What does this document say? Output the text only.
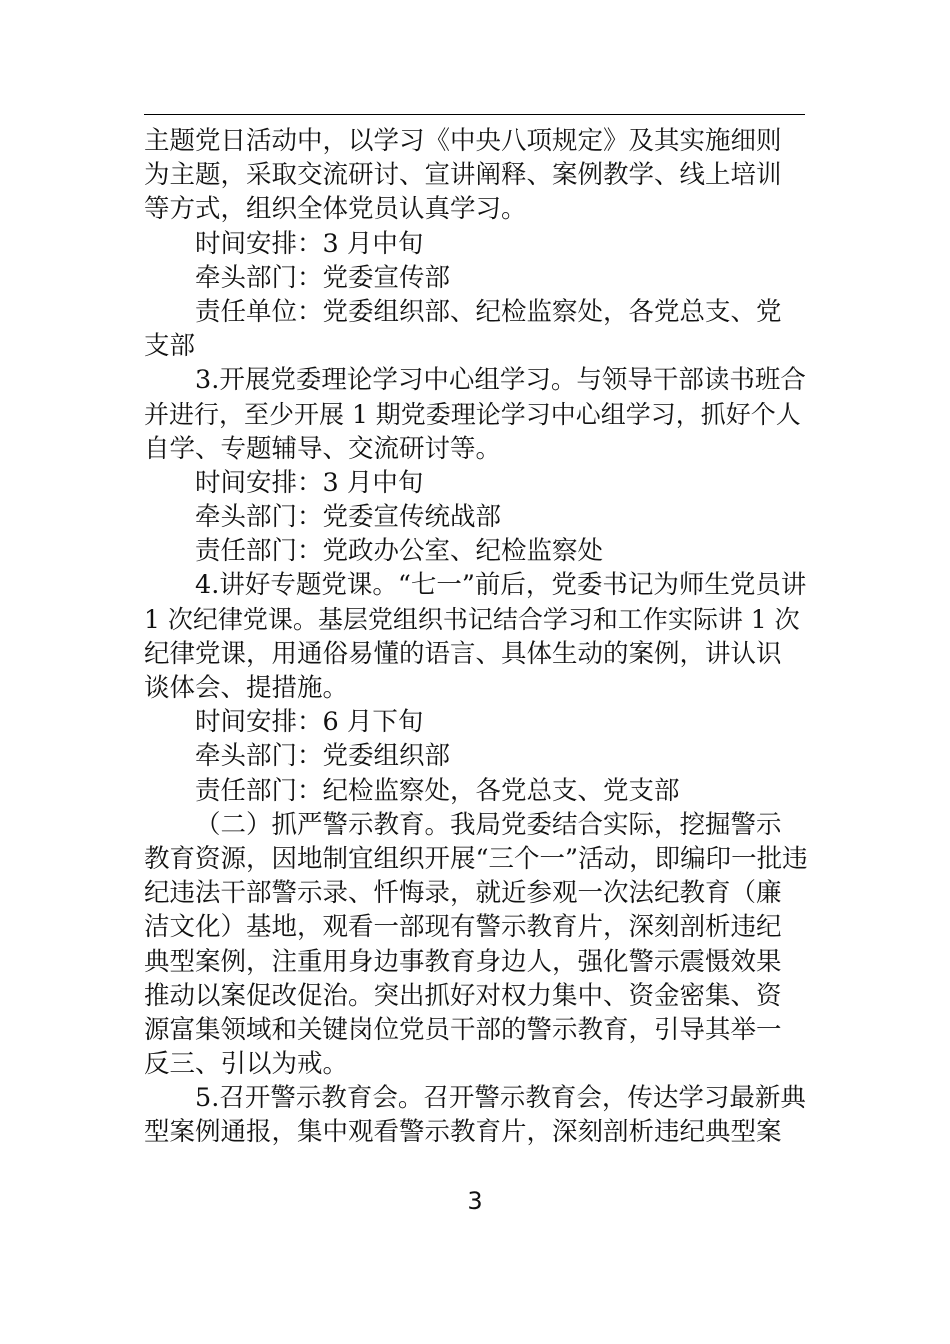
主题党日活动中，以学习《中央八项规定》及其实施细则
为主题，采取交流研讨、宣讲阐释、案例教学、线上培训
等方式，组织全体党员认真学习。
时间安排：3 月中旬
牵头部门：党委宣传部
责任单位：党委组织部、纪检监察处，各党总支、党
支部
3.开展党委理论学习中心组学习。与领导干部读书班合
并进行，至少开展 1 期党委理论学习中心组学习，抓好个人
自学、专题辅导、交流研讨等。
时间安排：3 月中旬
牵头部门：党委宣传统战部
责任部门：党政办公室、纪检监察处
4.讲好专题党课。“七一”前后，党委书记为师生党员讲
1 次纪律党课。基层党组织书记结合学习和工作实际讲 1 次
纪律党课，用通俗易懂的语言、具体生动的案例，讲认识
谈体会、提措施。
时间安排：6 月下旬
牵头部门：党委组织部
责任部门：纪检监察处，各党总支、党支部
（二）抓严警示教育。我局党委结合实际，挖掘警示
教育资源，因地制宜组织开展“三个一”活动，即编印一批违
纪违法干部警示录、忏悔录，就近参观一次法纪教育（廉
洁文化）基地，观看一部现有警示教育片，深刻剖析违纪
典型案例，注重用身边事教育身边人，强化警示震慑效果
推动以案促改促治。突出抓好对权力集中、资金密集、资
源富集领域和关键岗位党员干部的警示教育，引导其举一
反三、引以为戒。
5.召开警示教育会。召开警示教育会，传达学习最新典
型案例通报，集中观看警示教育片，深刻剖析违纪典型案
3
